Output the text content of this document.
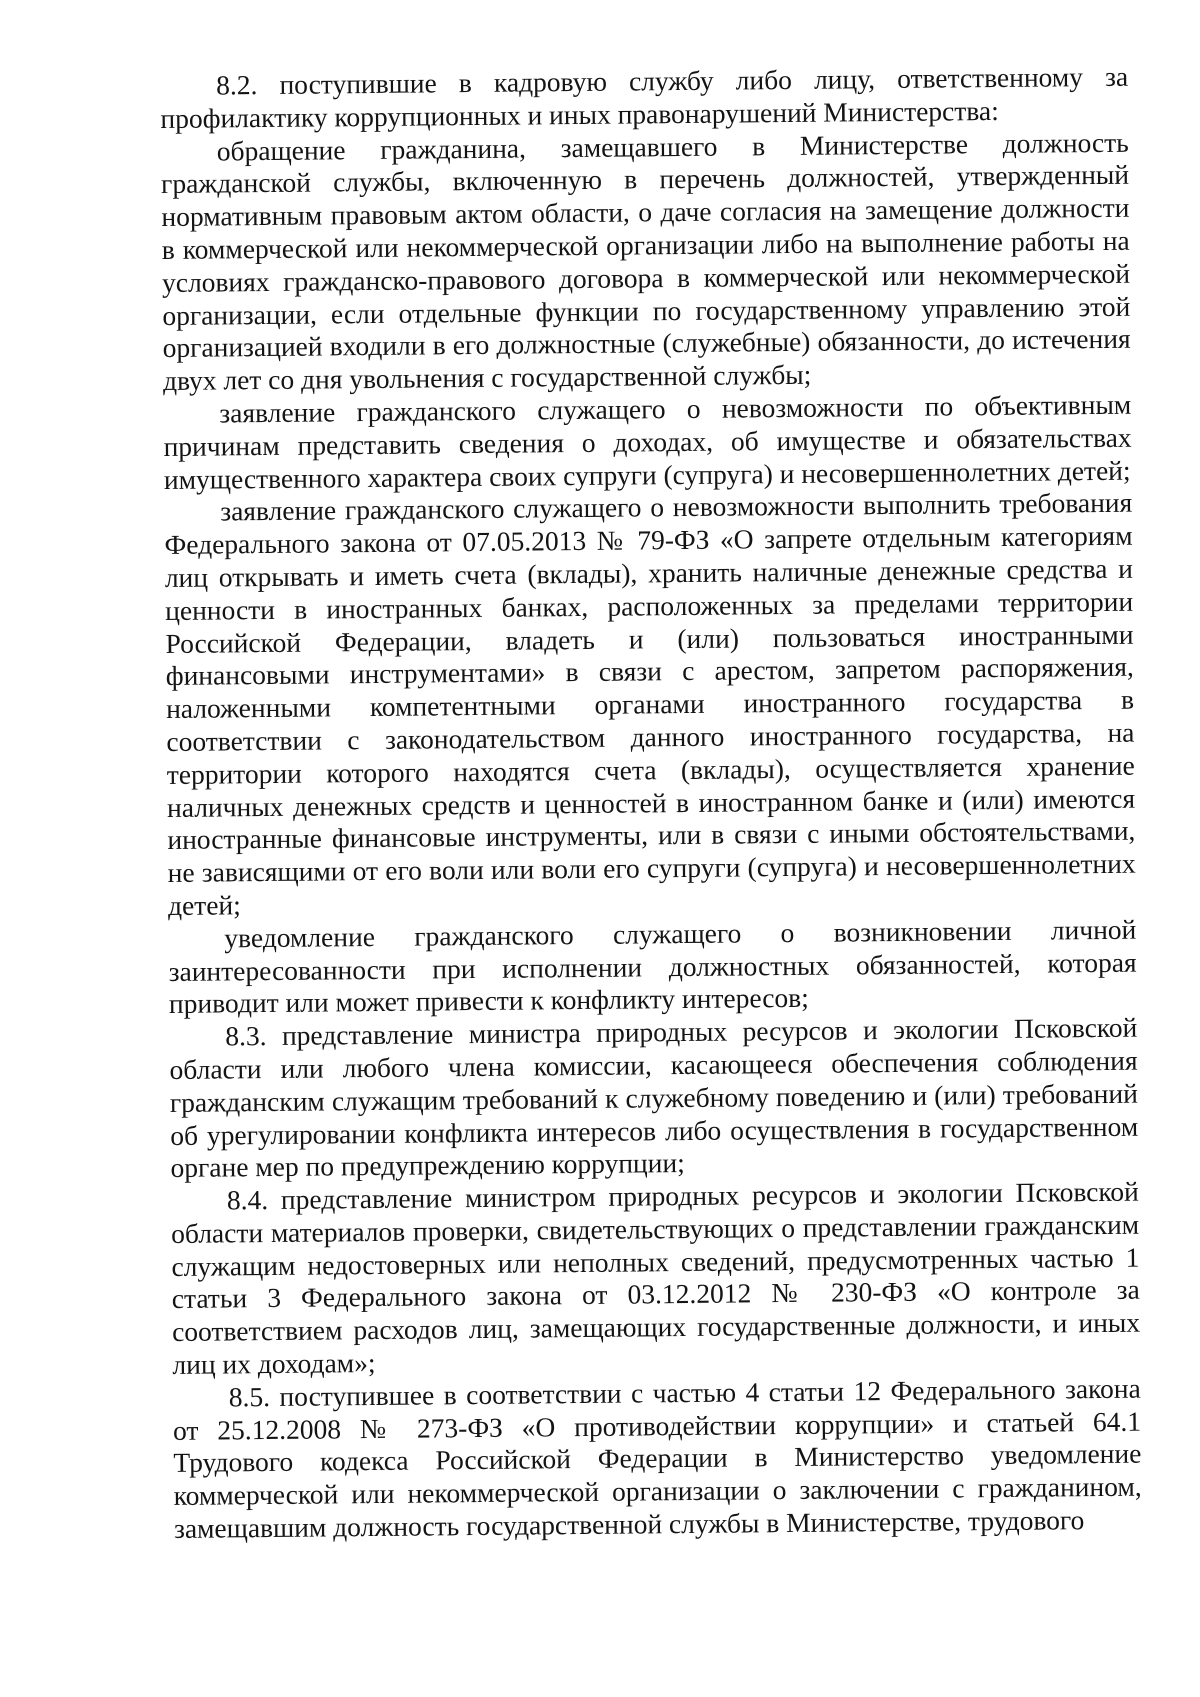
8.2. поступившие в кадровую службу либо лицу, ответственному за профилактику коррупционных и иных правонарушений Министерства:

обращение гражданина, замещавшего в Министерстве должность гражданской службы, включенную в перечень должностей, утвержденный нормативным правовым актом области, о даче согласия на замещение должности в коммерческой или некоммерческой организации либо на выполнение работы на условиях гражданско-правового договора в коммерческой или некоммерческой организации, если отдельные функции по государственному управлению этой организацией входили в его должностные (служебные) обязанности, до истечения двух лет со дня увольнения с государственной службы;

заявление гражданского служащего о невозможности по объективным причинам представить сведения о доходах, об имуществе и обязательствах имущественного характера своих супруги (супруга) и несовершеннолетних детей;

заявление гражданского служащего о невозможности выполнить требования Федерального закона от 07.05.2013 № 79-ФЗ «О запрете отдельным категориям лиц открывать и иметь счета (вклады), хранить наличные денежные средства и ценности в иностранных банках, расположенных за пределами территории Российской Федерации, владеть и (или) пользоваться иностранными финансовыми инструментами» в связи с арестом, запретом распоряжения, наложенными компетентными органами иностранного государства в соответствии с законодательством данного иностранного государства, на территории которого находятся счета (вклады), осуществляется хранение наличных денежных средств и ценностей в иностранном банке и (или) имеются иностранные финансовые инструменты, или в связи с иными обстоятельствами, не зависящими от его воли или воли его супруги (супруга) и несовершеннолетних детей;

уведомление гражданского служащего о возникновении личной заинтересованности при исполнении должностных обязанностей, которая приводит или может привести к конфликту интересов;

8.3. представление министра природных ресурсов и экологии Псковской области или любого члена комиссии, касающееся обеспечения соблюдения гражданским служащим требований к служебному поведению и (или) требований об урегулировании конфликта интересов либо осуществления в государственном органе мер по предупреждению коррупции;

8.4. представление министром природных ресурсов и экологии Псковской области материалов проверки, свидетельствующих о представлении гражданским служащим недостоверных или неполных сведений, предусмотренных частью 1 статьи 3 Федерального закона от 03.12.2012 № 230-ФЗ «О контроле за соответствием расходов лиц, замещающих государственные должности, и иных лиц их доходам»;

8.5. поступившее в соответствии с частью 4 статьи 12 Федерального закона от 25.12.2008 № 273-ФЗ «О противодействии коррупции» и статьей 64.1 Трудового кодекса Российской Федерации в Министерство уведомление коммерческой или некоммерческой организации о заключении с гражданином, замещавшим должность государственной службы в Министерстве, трудового
